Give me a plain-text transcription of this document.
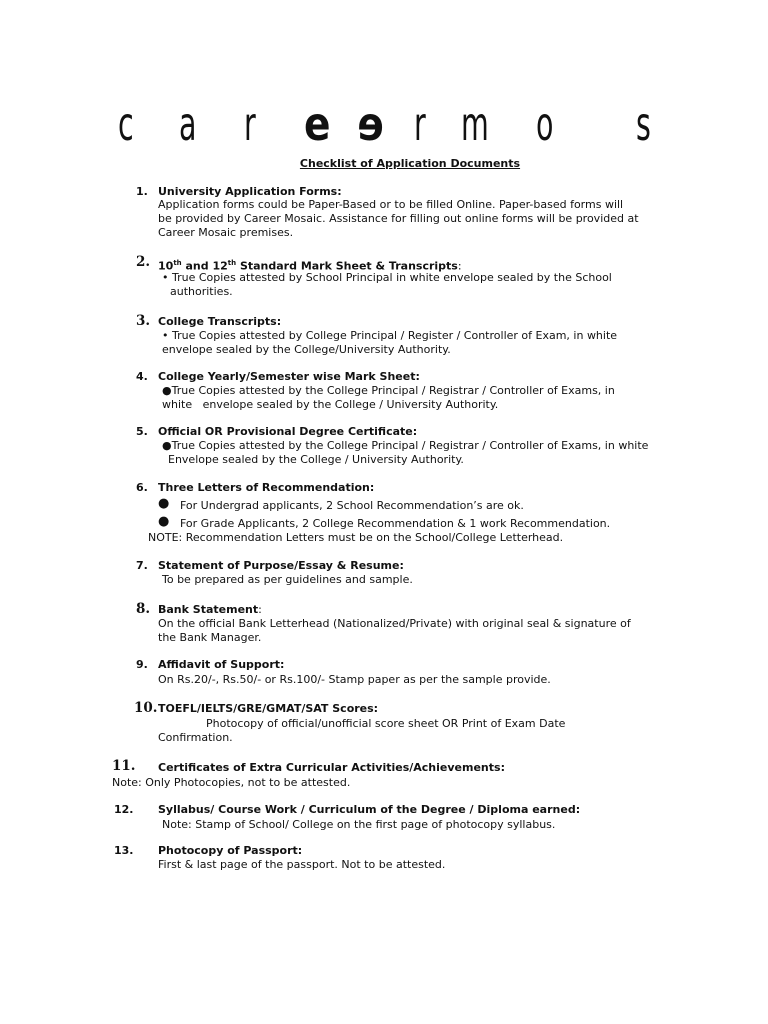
c a r e e r m o s
Checklist of Application Documents
1. University Application Forms:
Application forms could be Paper-Based or to be filled Online. Paper-based forms will
be provided by Career Mosaic. Assistance for filling out online forms will be provided at
Career Mosaic premises.
2. 10th and 12th Standard Mark Sheet & Transcripts:
• True Copies attested by School Principal in white envelope sealed by the School
authorities.
3. College Transcripts:
• True Copies attested by College Principal / Register / Controller of Exam, in white
envelope sealed by the College/University Authority.
4. College Yearly/Semester wise Mark Sheet:
●True Copies attested by the College Principal / Registrar / Controller of Exams, in
white   envelope sealed by the College / University Authority.
5. Official OR Provisional Degree Certificate:
●True Copies attested by the College Principal / Registrar / Controller of Exams, in white
Envelope sealed by the College / University Authority.
6. Three Letters of Recommendation:
● For Undergrad applicants, 2 School Recommendation’s are ok.
● For Grade Applicants, 2 College Recommendation & 1 work Recommendation.
NOTE: Recommendation Letters must be on the School/College Letterhead.
7. Statement of Purpose/Essay & Resume:
To be prepared as per guidelines and sample.
8. Bank Statement:
On the official Bank Letterhead (Nationalized/Private) with original seal & signature of
the Bank Manager.
9. Affidavit of Support:
On Rs.20/-, Rs.50/- or Rs.100/- Stamp paper as per the sample provide.
10. TOEFL/IELTS/GRE/GMAT/SAT Scores:
Photocopy of official/unofficial score sheet OR Print of Exam Date
Confirmation.
11. Certificates of Extra Curricular Activities/Achievements:
Note: Only Photocopies, not to be attested.
12. Syllabus/ Course Work / Curriculum of the Degree / Diploma earned:
Note: Stamp of School/ College on the first page of photocopy syllabus.
13. Photocopy of Passport:
First & last page of the passport. Not to be attested.
